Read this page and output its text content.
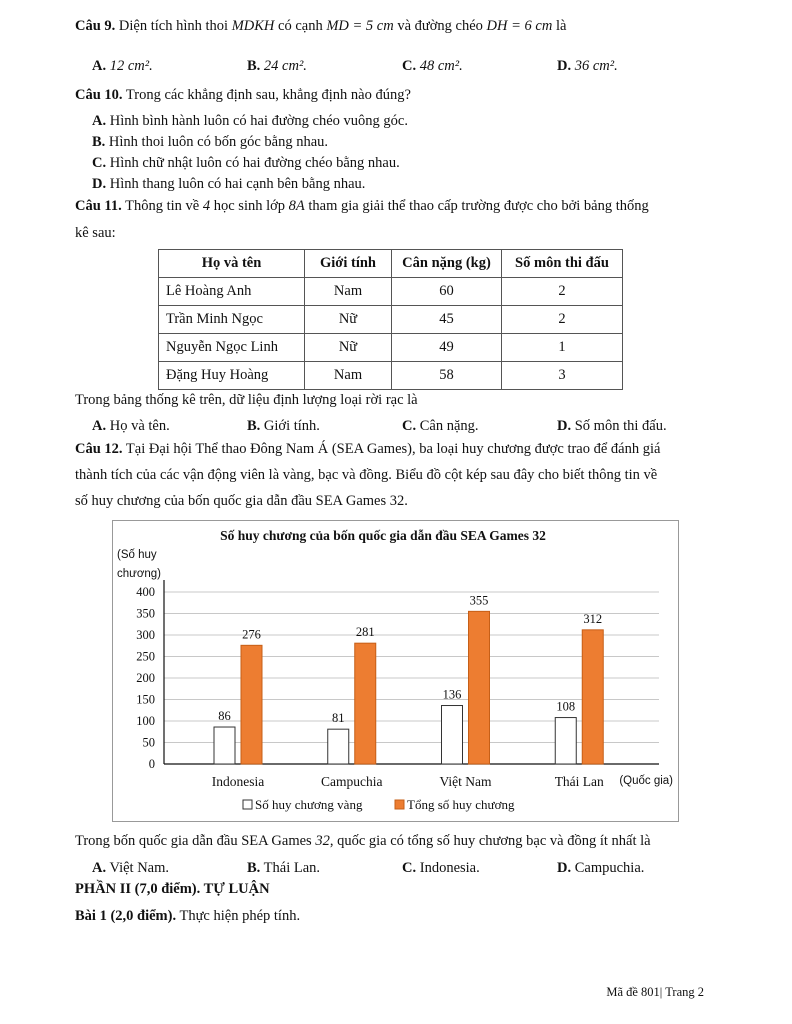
Câu 9. Diện tích hình thoi MDKH có cạnh MD = 5 cm và đường chéo DH = 6 cm là
A. 12 cm².	B. 24 cm².	C. 48 cm².	D. 36 cm².
Câu 10. Trong các khẳng định sau, khẳng định nào đúng?
A. Hình bình hành luôn có hai đường chéo vuông góc.
B. Hình thoi luôn có bốn góc bằng nhau.
C. Hình chữ nhật luôn có hai đường chéo bằng nhau.
D. Hình thang luôn có hai cạnh bên bằng nhau.
Câu 11. Thông tin về 4 học sinh lớp 8A tham gia giải thể thao cấp trường được cho bởi bảng thống
kê sau:
Họ và tên	Giới tính	Cân nặng (kg)	Số môn thi đấu
Lê Hoàng Anh	Nam	60	2
Trần Minh Ngọc	Nữ	45	2
Nguyễn Ngọc Linh	Nữ	49	1
Đặng Huy Hoàng	Nam	58	3
Trong bảng thống kê trên, dữ liệu định lượng loại rời rạc là
A. Họ và tên.	B. Giới tính.	C. Cân nặng.	D. Số môn thi đấu.
Câu 12. Tại Đại hội Thể thao Đông Nam Á (SEA Games), ba loại huy chương được trao để đánh giá
thành tích của các vận động viên là vàng, bạc và đồng. Biểu đồ cột kép sau đây cho biết thông tin về
số huy chương của bốn quốc gia dẫn đầu SEA Games 32.
Số huy chương của bốn quốc gia dẫn đầu SEA Games 32
(Số huy
chương)
0
50
100
150
200
250
300
350
400
86
276
Indonesia
81
281
Campuchia
136
355
Việt Nam
108
312
Thái Lan (Quốc gia)
Số huy chương vàng	Tổng số huy chương
Trong bốn quốc gia dẫn đầu SEA Games 32, quốc gia có tổng số huy chương bạc và đồng ít nhất là
A. Việt Nam.	B. Thái Lan.	C. Indonesia.	D. Campuchia.
PHẦN II (7,0 điểm). TỰ LUẬN
Bài 1 (2,0 điểm). Thực hiện phép tính.
Mã đề 801| Trang 2
